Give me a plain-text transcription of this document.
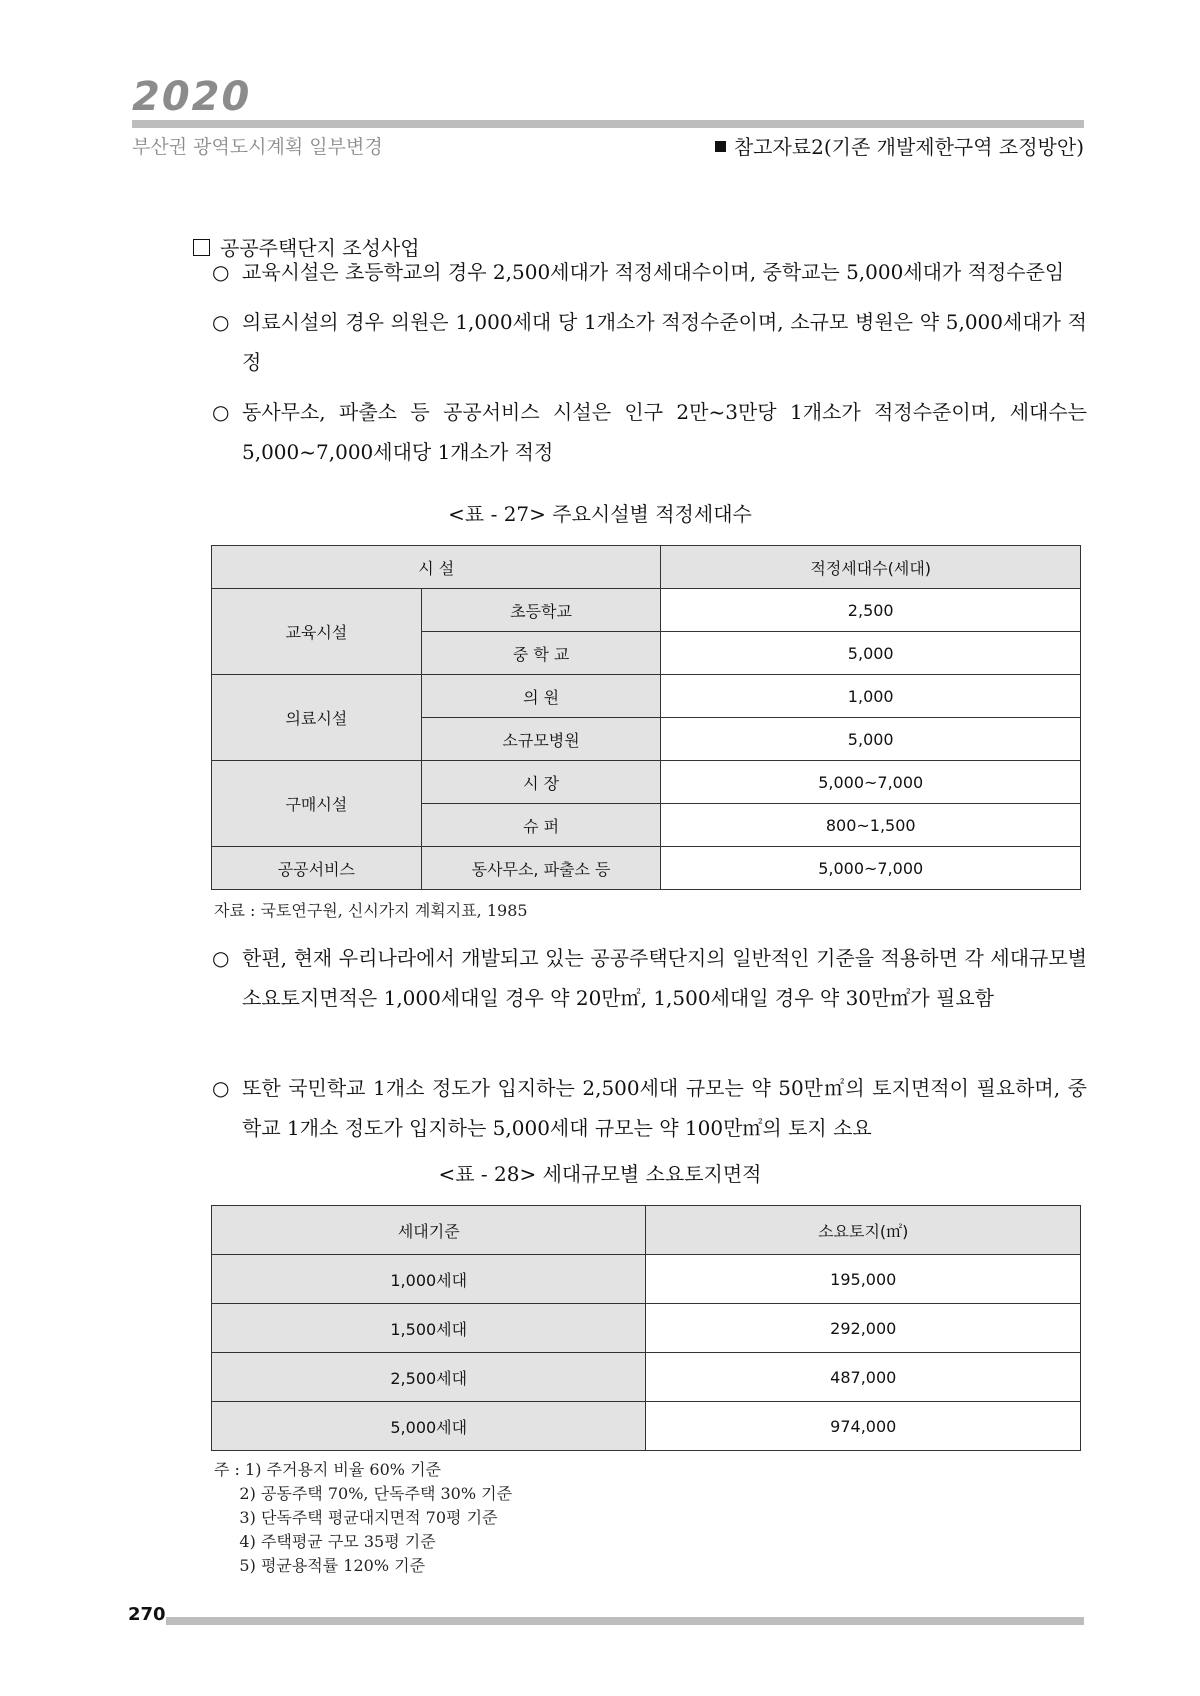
2020
부산권 광역도시계획 일부변경	참고자료2(기존 개발제한구역 조정방안)
공공주택단지 조성사업
○ 교육시설은 초등학교의 경우 2,500세대가 적정세대수이며, 중학교는 5,000세대가 적정수준임
○ 의료시설의 경우 의원은 1,000세대 당 1개소가 적정수준이며, 소규모 병원은 약 5,000세대가 적정
○ 동사무소, 파출소 등 공공서비스 시설은 인구 2만~3만당 1개소가 적정수준이며, 세대수는 5,000~7,000세대당 1개소가 적정
<표 - 27> 주요시설별 적정세대수
시 설		적정세대수(세대)
교육시설	초등학교	2,500
	중 학 교	5,000
의료시설	의 원	1,000
	소규모병원	5,000
구매시설	시 장	5,000~7,000
	슈 퍼	800~1,500
공공서비스	동사무소, 파출소 등	5,000~7,000
자료 : 국토연구원, 신시가지 계획지표, 1985
○ 한편, 현재 우리나라에서 개발되고 있는 공공주택단지의 일반적인 기준을 적용하면 각 세대규모별 소요토지면적은 1,000세대일 경우 약 20만㎡, 1,500세대일 경우 약 30만㎡가 필요함
○ 또한 국민학교 1개소 정도가 입지하는 2,500세대 규모는 약 50만㎡의 토지면적이 필요하며, 중학교 1개소 정도가 입지하는 5,000세대 규모는 약 100만㎡의 토지 소요
<표 - 28> 세대규모별 소요토지면적
세대기준	소요토지(㎡)
1,000세대	195,000
1,500세대	292,000
2,500세대	487,000
5,000세대	974,000
주 : 1) 주거용지 비율 60% 기준
2) 공동주택 70%, 단독주택 30% 기준
3) 단독주택 평균대지면적 70평 기준
4) 주택평균 구모 35평 기준
5) 평균용적률 120% 기준
270
